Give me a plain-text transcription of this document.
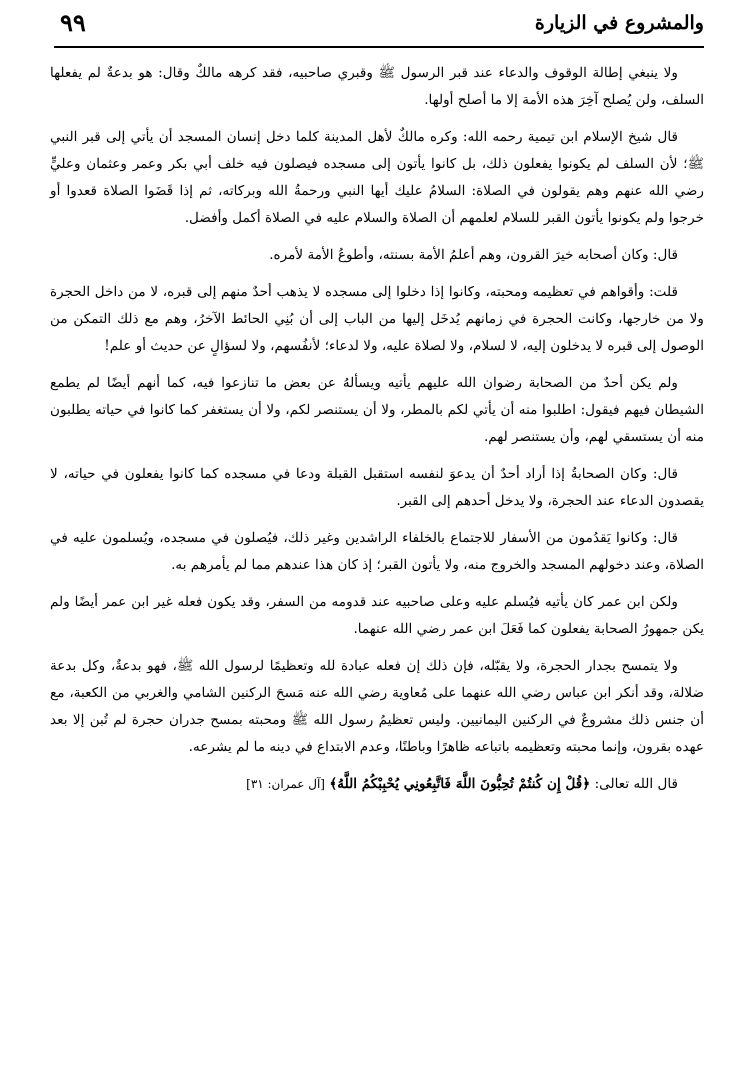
والمشروع في الزيارة
٩٩

ولا ينبغي إطالة الوقوف والدعاء عند قبر الرسول ﷺ وقبري صاحبيه، فقد كرهه مالكٌ وقال: هو بدعةٌ لم يفعلها السلف، ولن يُصلح آخِرَ هذه الأمة إلا ما أصلح أولها.

قال شيخ الإسلام ابن تيمية رحمه الله: وكره مالكٌ لأهل المدينة كلما دخل إنسان المسجد أن يأتي إلى قبر النبي ﷺ؛ لأن السلف لم يكونوا يفعلون ذلك، بل كانوا يأتون إلى مسجده فيصلون فيه خلف أبي بكر وعمر وعثمان وعليٍّ رضي الله عنهم وهم يقولون في الصلاة: السلامُ عليك أيها النبي ورحمةُ الله وبركاته، ثم إذا قَضَوا الصلاة قعدوا أو خرجوا ولم يكونوا يأتون القبر للسلام لعلمهم أن الصلاة والسلام عليه في الصلاة أكمل وأفضل.

قال: وكان أصحابه خيرَ القرون، وهم أعلمُ الأمة بسنته، وأطوعُ الأمة لأمره.

قلت: وأقواهم في تعظيمه ومحبته، وكانوا إذا دخلوا إلى مسجده لا يذهب أحدٌ منهم إلى قبره، لا من داخل الحجرة ولا من خارجها، وكانت الحجرة في زمانهم يُدخَل إليها من الباب إلى أن بُنِي الحائط الآخرُ، وهم مع ذلك التمكن من الوصول إلى قبره لا يدخلون إليه، لا لسلام، ولا لصلاة عليه، ولا لدعاء؛ لأنفُسهم، ولا لسؤالٍ عن حديث أو علم!

ولم يكن أحدٌ من الصحابة رضوان الله عليهم يأتيه ويسألهُ عن بعض ما تنازعوا فيه، كما أنهم أيضًا لم يطمع الشيطان فيهم فيقول: اطلبوا منه أن يأتي لكم بالمطر، ولا أن يستنصر لكم، ولا أن يستغفر كما كانوا في حياته يطلبون منه أن يستسقي لهم، وأن يستنصر لهم.

قال: وكان الصحابةُ إذا أراد أحدٌ أن يدعوَ لنفسه استقبل القبلة ودعا في مسجده كما كانوا يفعلون في حياته، لا يقصدون الدعاء عند الحجرة، ولا يدخل أحدهم إلى القبر.

قال: وكانوا يَقدُمون من الأسفار للاجتماع بالخلفاء الراشدين وغير ذلك، فيُصلون في مسجده، ويُسلمون عليه في الصلاة، وعند دخولهم المسجد والخروج منه، ولا يأتون القبر؛ إذ كان هذا عندهم مما لم يأمرهم به.

ولكن ابن عمر كان يأتيه فيُسلم عليه وعلى صاحبيه عند قدومه من السفر، وقد يكون فعله غير ابن عمر أيضًا ولم يكن جمهورُ الصحابة يفعلون كما فَعَلَ ابن عمر رضي الله عنهما.

ولا يتمسح بجدار الحجرة، ولا يقبّله، فإن ذلك إن فعله عبادة لله وتعظيمًا لرسول الله ﷺ، فهو بدعةٌ، وكل بدعة ضلالة، وقد أنكر ابن عباس رضي الله عنهما على مُعاوية رضي الله عنه مَسحَ الركنين الشامي والغربي من الكعبة، مع أن جنس ذلك مشروعٌ في الركنين اليمانيين. وليس تعظيمُ رسول الله ﷺ ومحبته بمسح جدران حجرة لم تُبن إلا بعد عهده بقرون، وإنما محبته وتعظيمه باتباعه ظاهرًا وباطنًا، وعدم الابتداع في دينه ما لم يشرعه.

قال الله تعالى: ﴿قُلْ إِن كُنتُمْ تُحِبُّونَ اللَّهَ فَاتَّبِعُونِي يُحْبِبْكُمُ اللَّهُ﴾ [آل عمران: ٣١]
